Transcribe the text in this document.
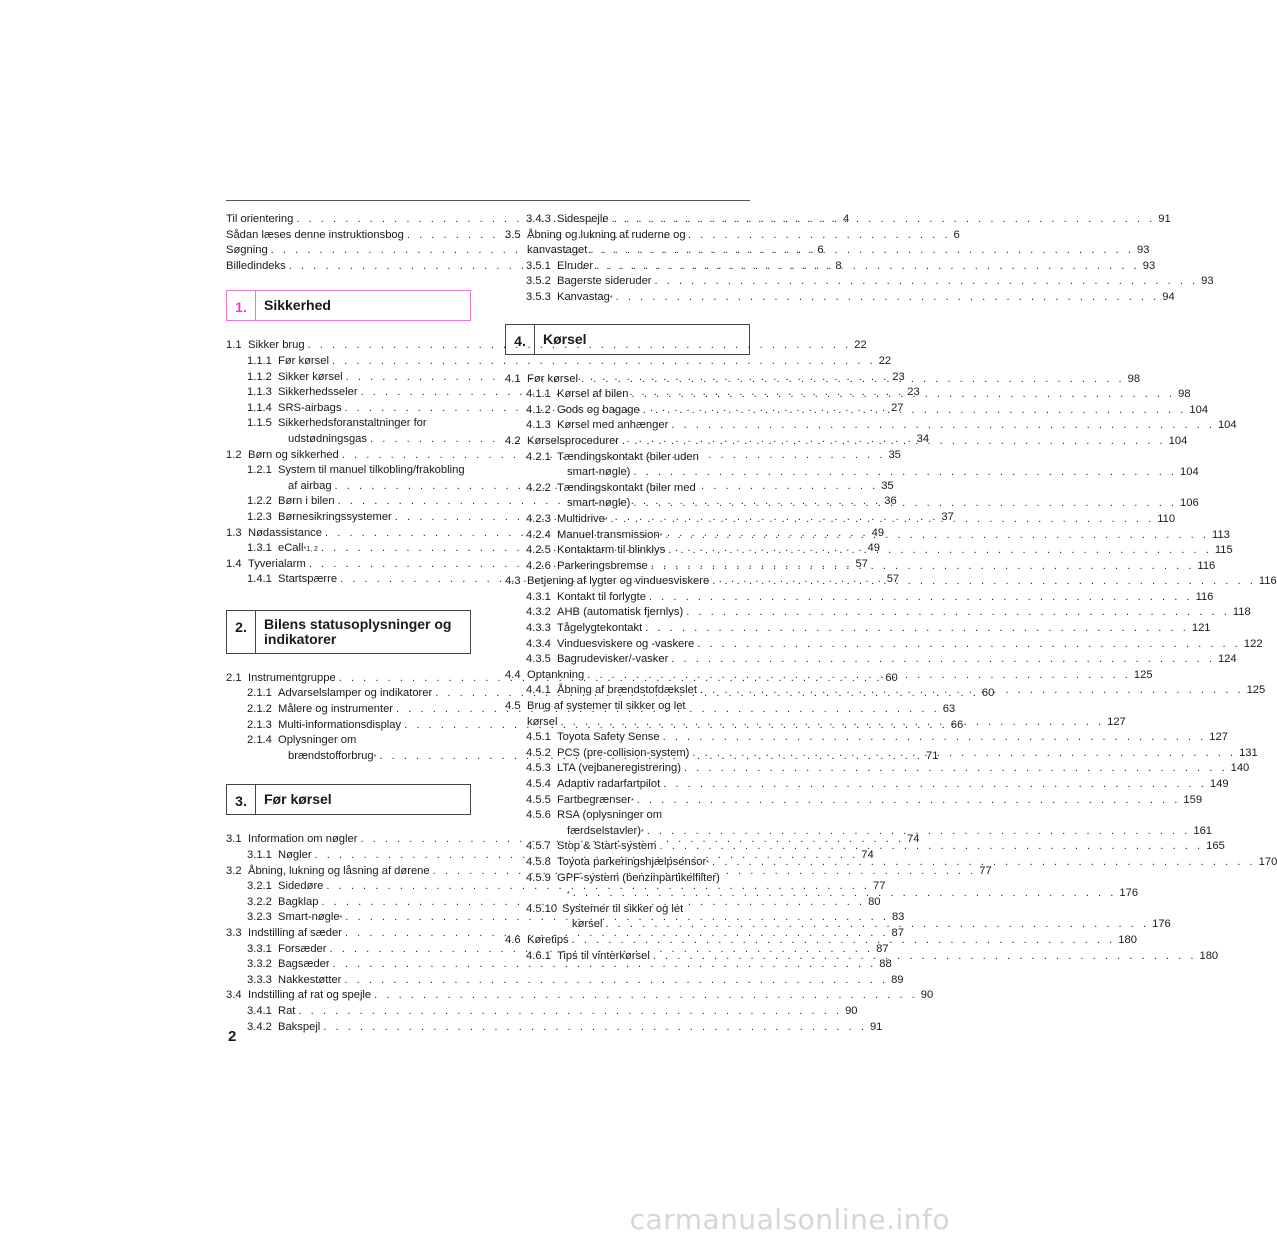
Til orientering . . .	4
Sådan læses denne instruktionsbog . . .	6
Søgning . . .	6
Billedindeks . . .	8
1.	Sikkerhed
1.1 Sikker brug . . .	22
1.1.1 Før kørsel . . .	22
1.1.2 Sikker kørsel . . .	23
1.1.3 Sikkerhedsseler . . .	23
1.1.4 SRS-airbags . . .	27
1.1.5 Sikkerhedsforanstaltninger for
udstødningsgas . . .	34
1.2 Børn og sikkerhed . . .	35
1.2.1 System til manuel tilkobling/frakobling
af airbag . . .	35
1.2.2 Børn i bilen . . .	36
1.2.3 Børnesikringssystemer . . .	37
1.3 Nødassistance . . .	49
1.3.1 eCall *1, 2 . . .	49
1.4 Tyverialarm . . .	57
1.4.1 Startspærre . . .	57
2.	Bilens statusoplysninger og
indikatorer
2.1 Instrumentgruppe . . .	60
2.1.1 Advarselslamper og indikatorer . . .	60
2.1.2 Målere og instrumenter . . .	63
2.1.3 Multi-informationsdisplay . . .	66
2.1.4 Oplysninger om
brændstofforbrug * . . .	71
3.	Før kørsel
3.1 Information om nøgler . . .	74
3.1.1 Nøgler . . .	74
3.2 Åbning, lukning og låsning af dørene . . .	77
3.2.1 Sidedøre . . .	77
3.2.2 Bagklap . . .	80
3.2.3 Smart-nøgle * . . .	83
3.3 Indstilling af sæder . . .	87
3.3.1 Forsæder . . .	87
3.3.2 Bagsæder . . .	88
3.3.3 Nakkestøtter . . .	89
3.4 Indstilling af rat og spejle . . .	90
3.4.1 Rat . . .	90
3.4.2 Bakspejl . . .	91
3.4.3 Sidespejle . . .	91
3.5 Åbning og lukning af ruderne og
kanvastaget . . .	93
3.5.1 Elruder . . .	93
3.5.2 Bagerste sideruder . . .	93
3.5.3 Kanvastag * . . .	94
4.	Kørsel
4.1 Før kørsel . . .	98
4.1.1 Kørsel af bilen . . .	98
4.1.2 Gods og bagage . . .	104
4.1.3 Kørsel med anhænger . . .	104
4.2 Kørselsprocedurer . . .	104
4.2.1 Tændingskontakt (biler uden
smart-nøgle) . . .	104
4.2.2 Tændingskontakt (biler med
smart-nøgle) . . .	106
4.2.3 Multidrive * . . .	110
4.2.4 Manuel transmission * . . .	113
4.2.5 Kontaktarm til blinklys . . .	115
4.2.6 Parkeringsbremse . . .	116
4.3 Betjening af lygter og vinduesviskere . . .	116
4.3.1 Kontakt til forlygte . . .	116
4.3.2 AHB (automatisk fjernlys) . . .	118
4.3.3 Tågelygtekontakt . . .	121
4.3.4 Vinduesviskere og -vaskere . . .	122
4.3.5 Bagrudevisker/-vasker . . .	124
4.4 Optankning . . .	125
4.4.1 Åbning af brændstofdækslet . . .	125
4.5 Brug af systemer til sikker og let
kørsel . . .	127
4.5.1 Toyota Safety Sense . . .	127
4.5.2 PCS (pre-collision-system) . . .	131
4.5.3 LTA (vejbaneregistrering) . . .	140
4.5.4 Adaptiv radarfartpilot . . .	149
4.5.5 Fartbegrænser * . . .	159
4.5.6 RSA (oplysninger om
færdselstavler) * . . .	161
4.5.7 Stop & Start-system . . .	165
4.5.8 Toyota parkeringshjælpsensor * . . .	170
4.5.9 GPF-system (benzinpartikelfilter)
* . . .	176
4.5.10 Systemer til sikker og let
kørsel . . .	176
4.6 Køretips . . .	180
4.6.1 Tips til vinterkørsel . . .	180
2
carmanualsonline.info
